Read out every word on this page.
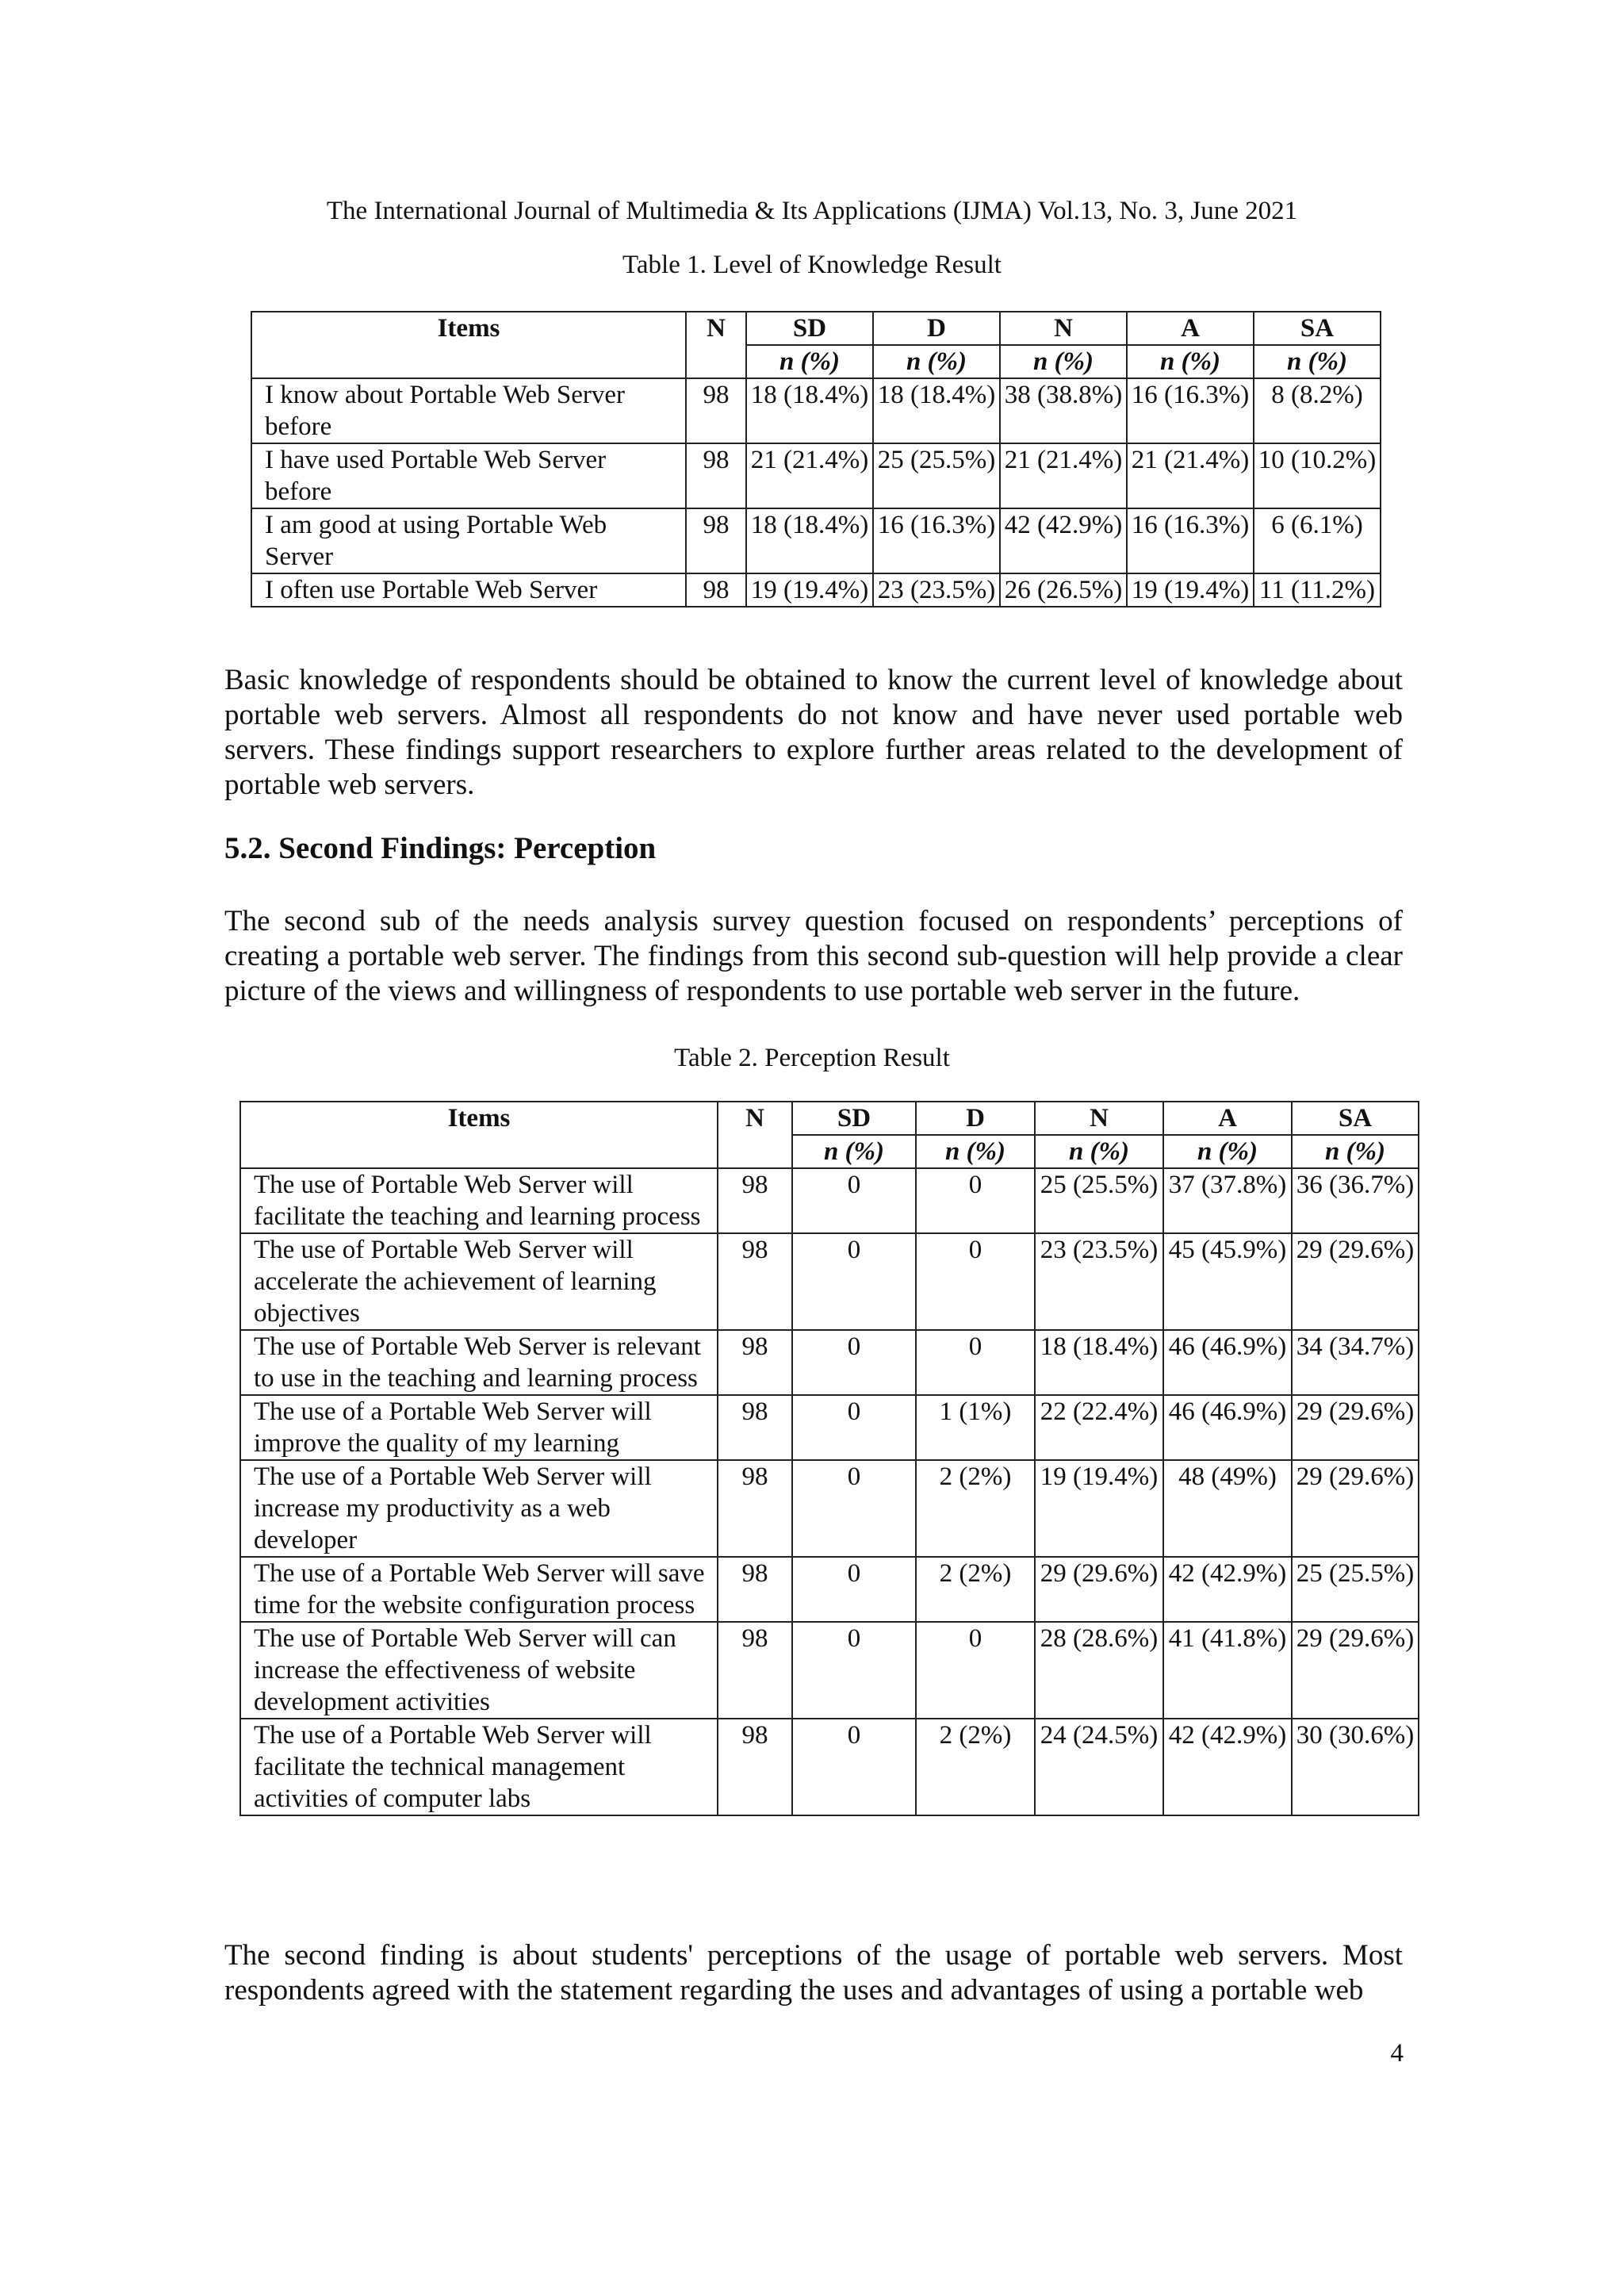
The International Journal of Multimedia & Its Applications (IJMA) Vol.13, No. 3, June 2021
Table 1. Level of Knowledge Result
Items	N	SD	D	N	A	SA
		n (%)	n (%)	n (%)	n (%)	n (%)
I know about Portable Web Server before	98	18 (18.4%)	18 (18.4%)	38 (38.8%)	16 (16.3%)	8 (8.2%)
I have used Portable Web Server before	98	21 (21.4%)	25 (25.5%)	21 (21.4%)	21 (21.4%)	10 (10.2%)
I am good at using Portable Web Server	98	18 (18.4%)	16 (16.3%)	42 (42.9%)	16 (16.3%)	6 (6.1%)
I often use Portable Web Server	98	19 (19.4%)	23 (23.5%)	26 (26.5%)	19 (19.4%)	11 (11.2%)

Basic knowledge of respondents should be obtained to know the current level of knowledge about portable web servers. Almost all respondents do not know and have never used portable web servers. These findings support researchers to explore further areas related to the development of portable web servers.

5.2. Second Findings: Perception

The second sub of the needs analysis survey question focused on respondents’ perceptions of creating a portable web server. The findings from this second sub-question will help provide a clear picture of the views and willingness of respondents to use portable web server in the future.

Table 2. Perception Result
Items	N	SD	D	N	A	SA
		n (%)	n (%)	n (%)	n (%)	n (%)
The use of Portable Web Server will facilitate the teaching and learning process	98	0	0	25 (25.5%)	37 (37.8%)	36 (36.7%)
The use of Portable Web Server will accelerate the achievement of learning objectives	98	0	0	23 (23.5%)	45 (45.9%)	29 (29.6%)
The use of Portable Web Server is relevant to use in the teaching and learning process	98	0	0	18 (18.4%)	46 (46.9%)	34 (34.7%)
The use of a Portable Web Server will improve the quality of my learning	98	0	1 (1%)	22 (22.4%)	46 (46.9%)	29 (29.6%)
The use of a Portable Web Server will increase my productivity as a web developer	98	0	2 (2%)	19 (19.4%)	48 (49%)	29 (29.6%)
The use of a Portable Web Server will save time for the website configuration process	98	0	2 (2%)	29 (29.6%)	42 (42.9%)	25 (25.5%)
The use of Portable Web Server will can increase the effectiveness of website development activities	98	0	0	28 (28.6%)	41 (41.8%)	29 (29.6%)
The use of a Portable Web Server will facilitate the technical management activities of computer labs	98	0	2 (2%)	24 (24.5%)	42 (42.9%)	30 (30.6%)

The second finding is about students' perceptions of the usage of portable web servers. Most respondents agreed with the statement regarding the uses and advantages of using a portable web

4
